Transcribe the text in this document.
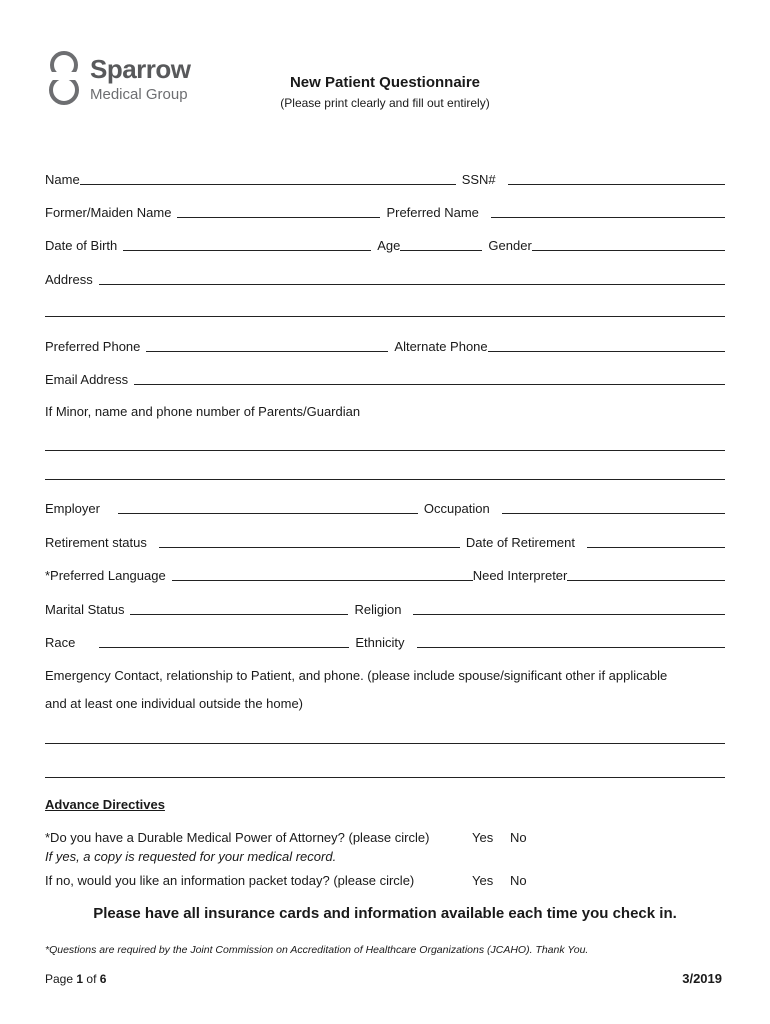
Sparrow
Medical Group
New Patient Questionnaire
(Please print clearly and fill out entirely)
Name	SSN#
Former/Maiden Name	Preferred Name
Date of Birth	Age	Gender
Address
Preferred Phone	Alternate Phone
Email Address
If Minor, name and phone number of Parents/Guardian
Employer	Occupation
Retirement status	Date of Retirement
*Preferred Language	Need Interpreter
Marital Status	Religion
Race	Ethnicity
Emergency Contact, relationship to Patient, and phone. (please include spouse/significant other if applicable
and at least one individual outside the home)
Advance Directives
*Do you have a Durable Medical Power of Attorney? (please circle)	Yes No
If yes, a copy is requested for your medical record.
If no, would you like an information packet today? (please circle)	Yes No
Please have all insurance cards and information available each time you check in.
*Questions are required by the Joint Commission on Accreditation of Healthcare Organizations (JCAHO). Thank You.
Page 1 of 6	3/2019
